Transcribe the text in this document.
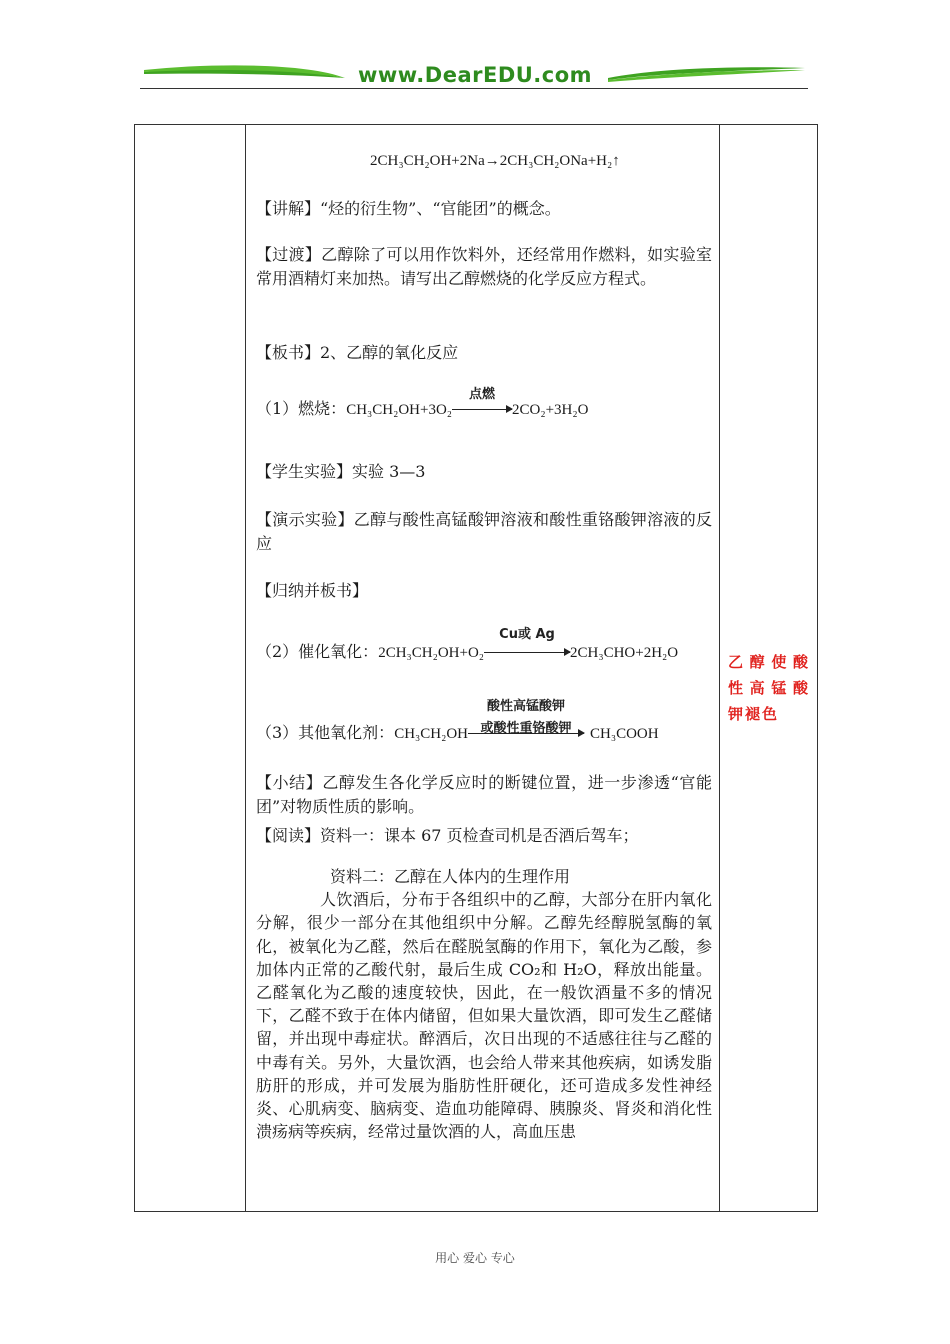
www.DearEDU.com

2CH₃CH₂OH+2Na→2CH₃CH₂ONa+H₂↑
【讲解】“烃的衍生物”、“官能团”的概念。
【过渡】乙醇除了可以用作饮料外，还经常用作燃料，如实验室常用酒精灯来加热。请写出乙醇燃烧的化学反应方程式。
【板书】2、乙醇的氧化反应
（1）燃烧：CH₃CH₂OH+3O₂
点燃
2CO₂+3H₂O
【学生实验】实验 3—3
【演示实验】乙醇与酸性高锰酸钾溶液和酸性重铬酸钾溶液的反应
【归纳并板书】
（2）催化氧化：2CH₃CH₂OH+O₂
Cu或 Ag
2CH₃CHO+2H₂O
（3）其他氧化剂：CH₃CH₂OH
酸性高锰酸钾
或酸性重铬酸钾	CH₃COOH
【小结】乙醇发生各化学反应时的断键位置，进一步渗透“官能团”对物质性质的影响。
【阅读】资料一：课本 67 页检查司机是否酒后驾车；
资料二：乙醇在人体内的生理作用
人饮酒后，分布于各组织中的乙醇，大部分在肝内氧化分解，很少一部分在其他组织中分解。乙醇先经醇脱氢酶的氧化，被氧化为乙醛，然后在醛脱氢酶的作用下，氧化为乙酸，参加体内正常的乙酸代射，最后生成 CO₂和 H₂O，释放出能量。乙醛氧化为乙酸的速度较快，因此，在一般饮酒量不多的情况下，乙醛不致于在体内储留，但如果大量饮酒，即可发生乙醛储留，并出现中毒症状。醉酒后，次日出现的不适感往往与乙醛的中毒有关。另外，大量饮酒，也会给人带来其他疾病，如诱发脂肪肝的形成，并可发展为脂肪性肝硬化，还可造成多发性神经炎、心肌病变、脑病变、造血功能障碍、胰腺炎、肾炎和消化性溃疡病等疾病，经常过量饮酒的人，高血压患

乙醇使酸
性高锰酸
钾褪色
用心 爱心 专心
